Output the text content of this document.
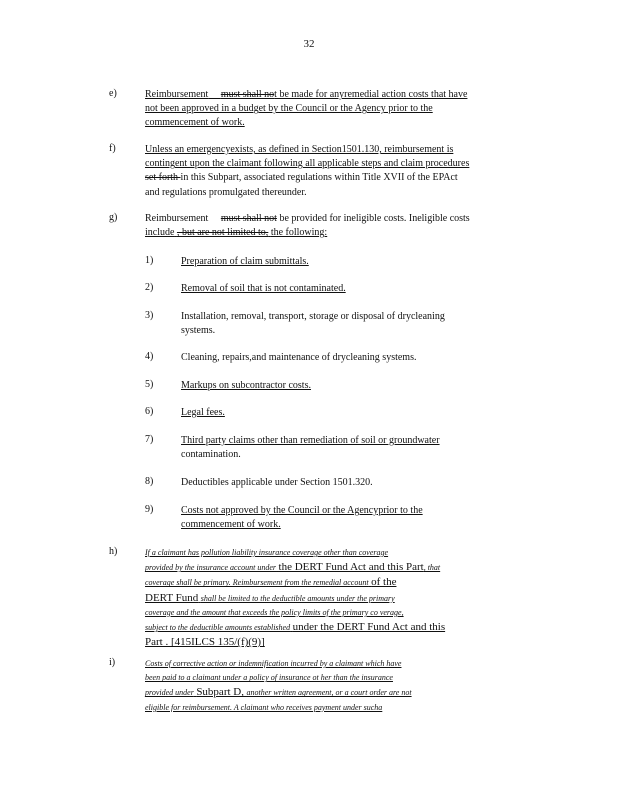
32
e)	Reimbursement must shall not be made for anyremedial action costs that have
not been approved in a budget by the Council or the Agency prior to the
commencement of work.
f)	Unless an emergencyexists, as defined in Section1501.130, reimbursement is
contingent upon the claimant following all applicable steps and claim procedures
set forth in this Subpart, associated regulations within Title XVII of the EPAct
and regulations promulgated thereunder.
g)	Reimbursement must shall not be provided for ineligible costs. Ineligible costs
include , but are not limited to, the following:
1)	Preparation of claim submittals.
2)	Removal of soil that is not contaminated.
3)	Installation, removal, transport, storage or disposal of drycleaning
systems.
4)	Cleaning, repairs,and maintenance of drycleaning systems.
5)	Markups on subcontractor costs.
6)	Legal fees.
7)	Third party claims other than remediation of soil or groundwater
contamination.
8)	Deductibles applicable under Section 1501.320.
9)	Costs not approved by the Council or the Agencyprior to the
commencement of work.
h)	If a claimant has pollution liability insurance coverage other than coverage
provided by the insurance account under the DERT Fund Act and this Part, that
coverage shall be primary. Reimbursement from the remedial account of the
DERT Fund shall be limited to the deductible amounts under the primary
coverage and the amount that exceeds the policy limits of the primary co verage,
subject to the deductible amounts established under the DERT Fund Act and this
Part . [415ILCS 135/(f)(9)]
i)	Costs of corrective action or indemnification incurred by a claimant which have
been paid to a claimant under a policy of insurance ot her than the insurance
provided under Subpart D, another written agreement, or a court order are not
eligible for reimbursement. A claimant who receives payment under sucha
